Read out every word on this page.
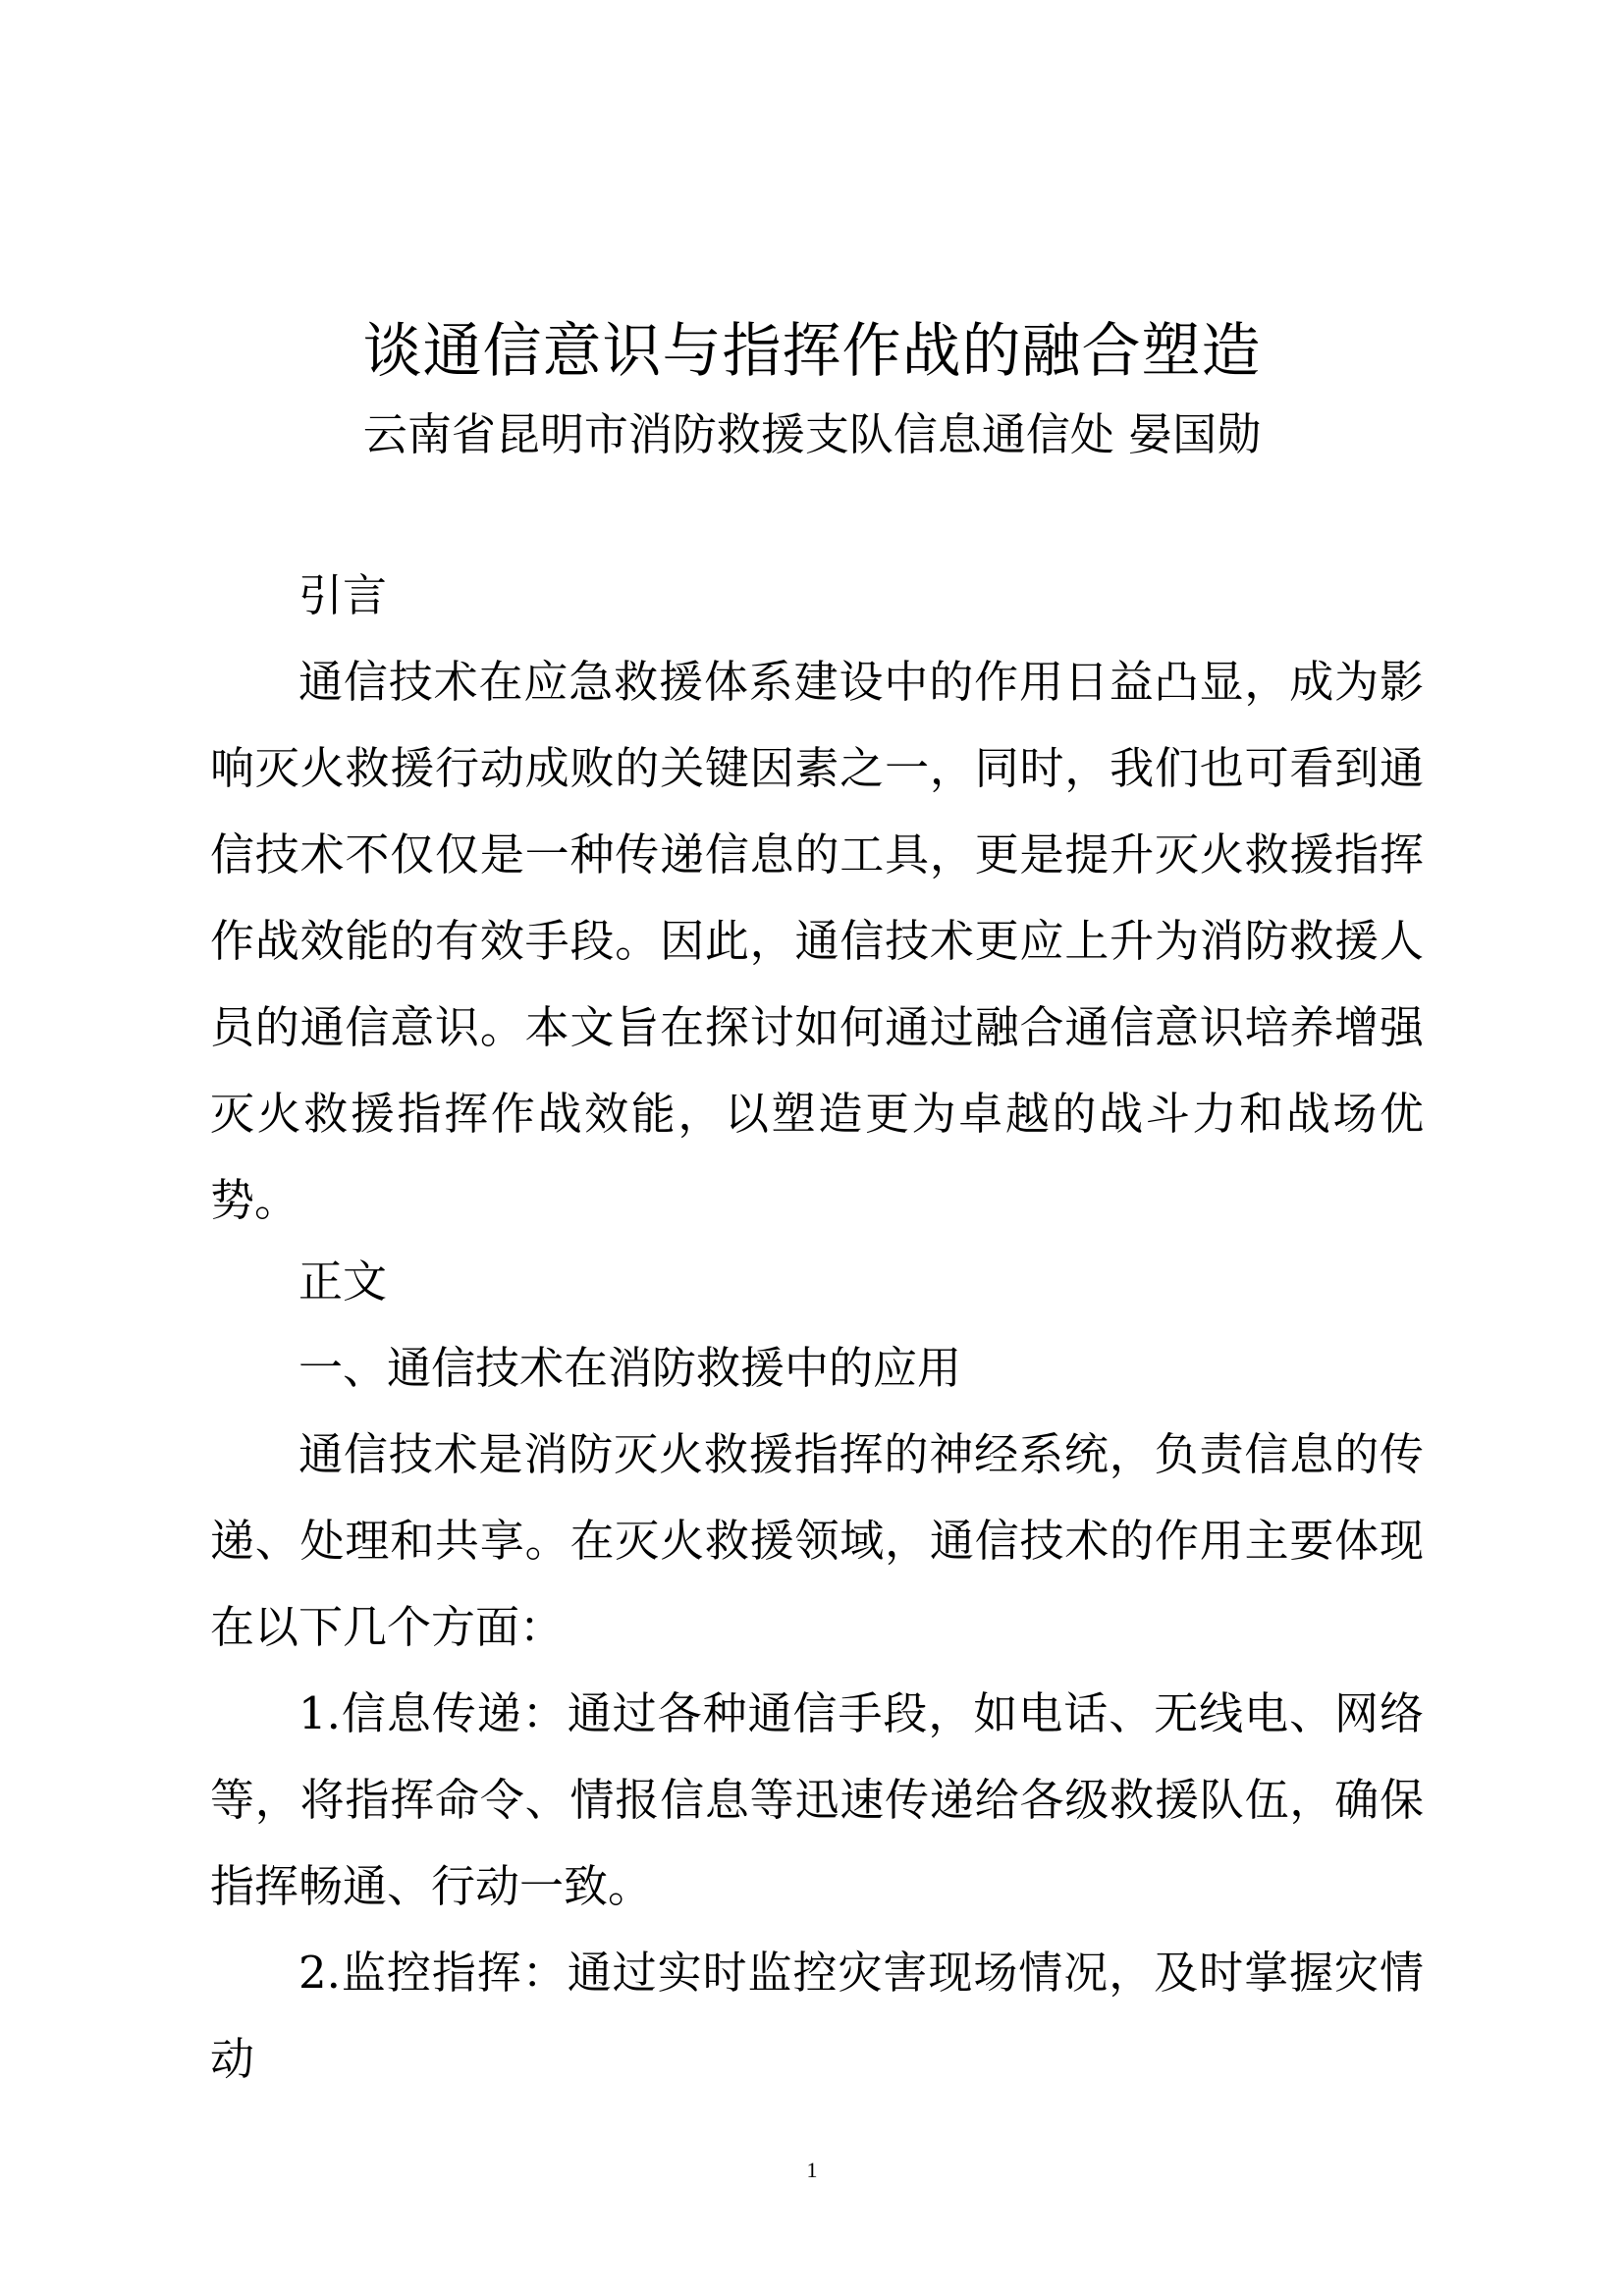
谈通信意识与指挥作战的融合塑造
云南省昆明市消防救援支队信息通信处 晏国勋
引言

通信技术在应急救援体系建设中的作用日益凸显，成为影响灭火救援行动成败的关键因素之一，同时，我们也可看到通信技术不仅仅是一种传递信息的工具，更是提升灭火救援指挥作战效能的有效手段。因此，通信技术更应上升为消防救援人员的通信意识。本文旨在探讨如何通过融合通信意识培养增强灭火救援指挥作战效能，以塑造更为卓越的战斗力和战场优势。

正文
一、通信技术在消防救援中的应用

通信技术是消防灭火救援指挥的神经系统，负责信息的传递、处理和共享。在灭火救援领域，通信技术的作用主要体现在以下几个方面：

1.信息传递：通过各种通信手段，如电话、无线电、网络等，将指挥命令、情报信息等迅速传递给各级救援队伍，确保指挥畅通、行动一致。

2.监控指挥：通过实时监控灾害现场情况，及时掌握灾情动

1
